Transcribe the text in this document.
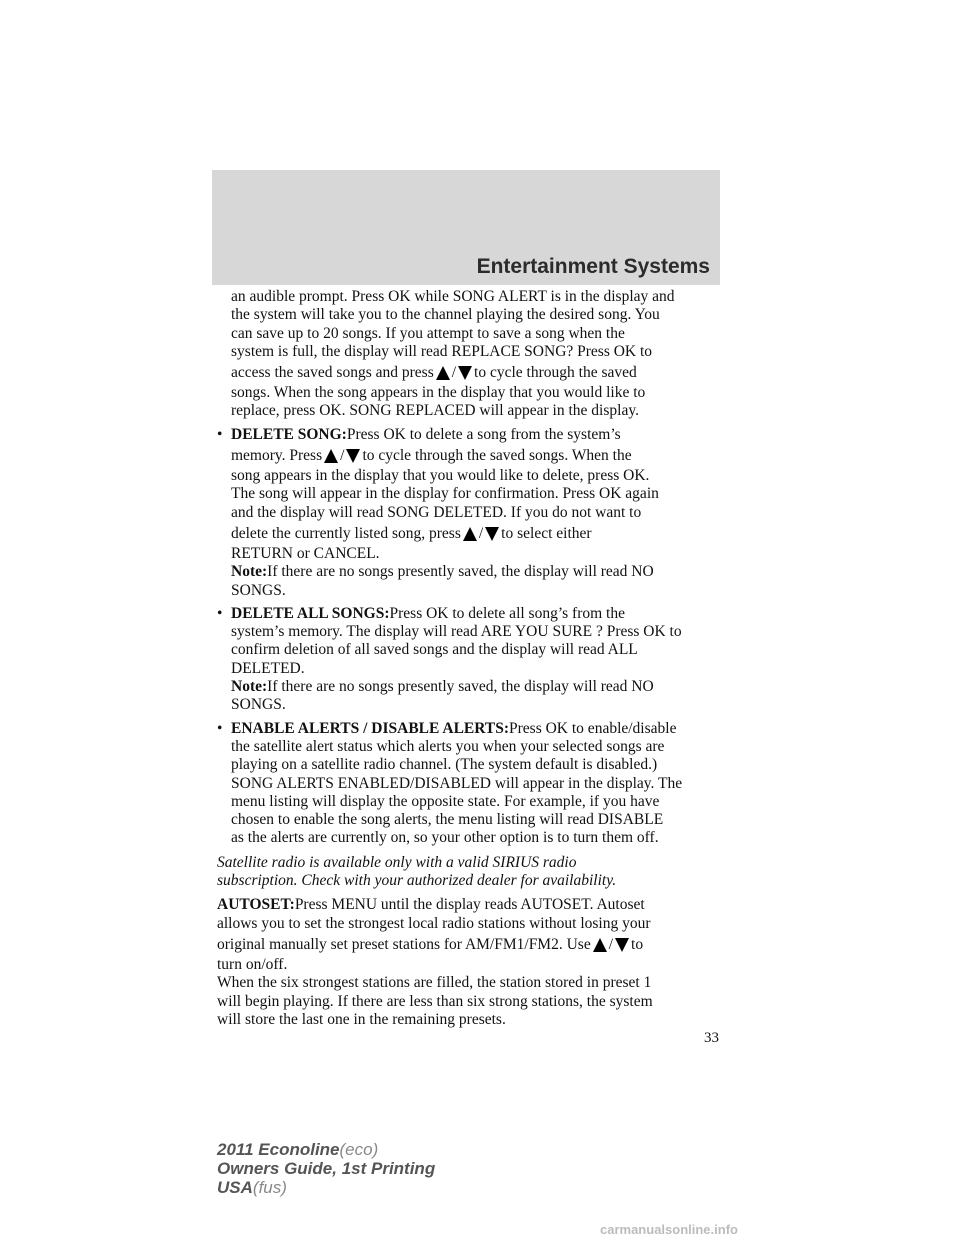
Entertainment Systems

an audible prompt. Press OK while SONG ALERT is in the display and

the system will take you to the channel playing the desired song. You

can save up to 20 songs. If you attempt to save a song when the

system is full, the display will read REPLACE SONG? Press OK to

access the saved songs and press / to cycle through the saved

songs. When the song appears in the display that you would like to

replace, press OK. SONG REPLACED will appear in the display.

• DELETE SONG:Press OK to delete a song from the system’s

memory. Press / to cycle through the saved songs. When the

song appears in the display that you would like to delete, press OK.

The song will appear in the display for confirmation. Press OK again

and the display will read SONG DELETED. If you do not want to

delete the currently listed song, press / to select either

RETURN or CANCEL.

Note:If there are no songs presently saved, the display will read NO

SONGS.

• DELETE ALL SONGS:Press OK to delete all song’s from the

system’s memory. The display will read ARE YOU SURE ? Press OK to

confirm deletion of all saved songs and the display will read ALL

DELETED.

Note:If there are no songs presently saved, the display will read NO

SONGS.

• ENABLE ALERTS / DISABLE ALERTS:Press OK to enable/disable

the satellite alert status which alerts you when your selected songs are

playing on a satellite radio channel. (The system default is disabled.)

SONG ALERTS ENABLED/DISABLED will appear in the display. The

menu listing will display the opposite state. For example, if you have

chosen to enable the song alerts, the menu listing will read DISABLE

as the alerts are currently on, so your other option is to turn them off.

Satellite radio is available only with a valid SIRIUS radio

subscription. Check with your authorized dealer for availability.

AUTOSET:Press MENU until the display reads AUTOSET. Autoset

allows you to set the strongest local radio stations without losing your

original manually set preset stations for AM/FM1/FM2. Use / to

turn on/off.

When the six strongest stations are filled, the station stored in preset 1

will begin playing. If there are less than six strong stations, the system

will store the last one in the remaining presets.

33
2011 Econoline(eco)
Owners Guide, 1st Printing
USA(fus)
carmanualsonline.info
